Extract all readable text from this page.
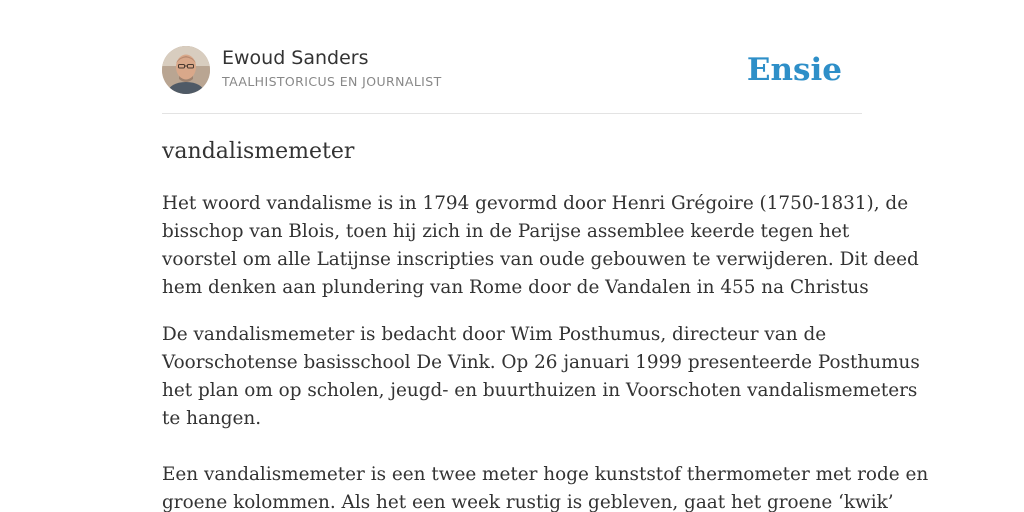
Ewoud Sanders
TAALHISTORICUS EN JOURNALIST	Ensie
vandalismemeter

Het woord vandalisme is in 1794 gevormd door Henri Grégoire (1750-1831), de
bisschop van Blois, toen hij zich in de Parijse assemblee keerde tegen het
voorstel om alle Latijnse inscripties van oude gebouwen te verwijderen. Dit deed
hem denken aan plundering van Rome door de Vandalen in 455 na Christus

De vandalismemeter is bedacht door Wim Posthumus, directeur van de
Voorschotense basisschool De Vink. Op 26 januari 1999 presenteerde Posthumus
het plan om op scholen, jeugd- en buurthuizen in Voorschoten vandalismemeters
te hangen.

Een vandalismemeter is een twee meter hoge kunststof thermometer met rode en
groene kolommen. Als het een week rustig is gebleven, gaat het groene ‘kwik’
